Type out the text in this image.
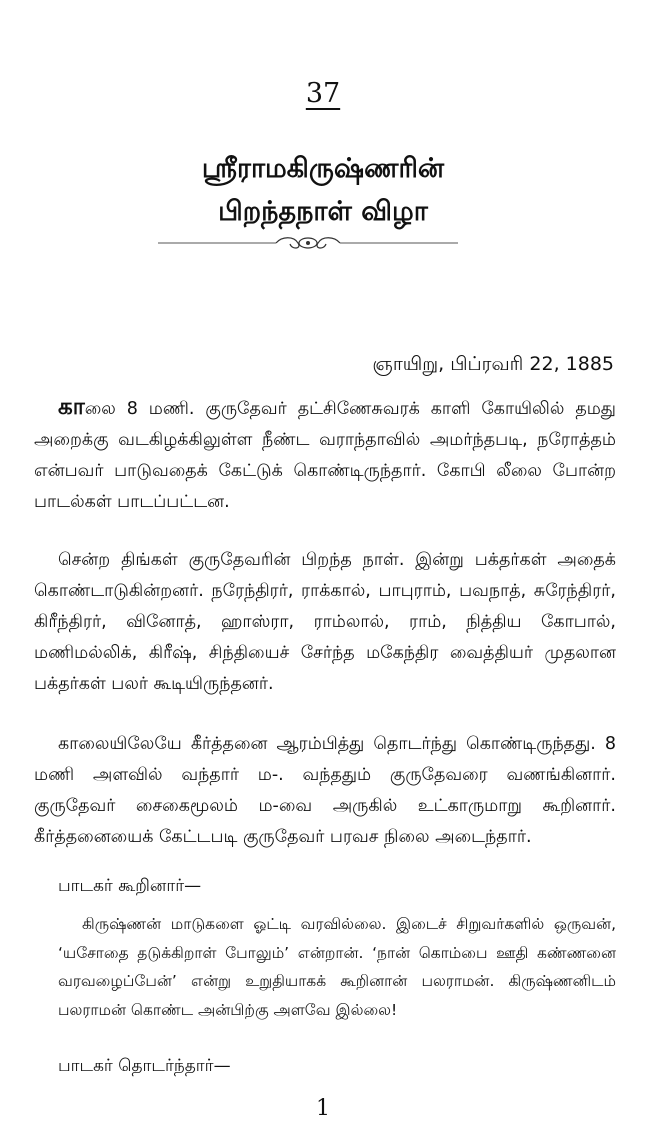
37
ஸ்ரீராமகிருஷ்ணரின்
பிறந்தநாள் விழா
ஞாயிறு, பிப்ரவரி 22, 1885

காலை 8 மணி. குருதேவர் தட்சிணேசுவரக் காளி கோயிலில் தமது அறைக்கு வடகிழக்கிலுள்ள நீண்ட வராந்தாவில் அமர்ந்தபடி, நரோத்தம் என்பவர் பாடுவதைக் கேட்டுக் கொண்டிருந்தார். கோபி லீலை போன்ற பாடல்கள் பாடப்பட்டன.

சென்ற திங்கள் குருதேவரின் பிறந்த நாள். இன்று பக்தர்கள் அதைக் கொண்டாடுகின்றனர். நரேந்திரர், ராக்கால், பாபுராம், பவநாத், சுரேந்திரர், கிரீந்திரர், வினோத், ஹாஸ்ரா, ராம்லால், ராம், நித்திய கோபால், மணிமல்லிக், கிரீஷ், சிந்தியைச் சேர்ந்த மகேந்திர வைத்தியர் முதலான பக்தர்கள் பலர் கூடியிருந்தனர்.

காலையிலேயே கீர்த்தனை ஆரம்பித்து தொடர்ந்து கொண்டிருந்தது. 8 மணி அளவில் வந்தார் ம-. வந்ததும் குருதேவரை வணங்கினார். குருதேவர் சைகைமூலம் ம-வை அருகில் உட்காருமாறு கூறினார். கீர்த்தனையைக் கேட்டபடி குருதேவர் பரவச நிலை அடைந்தார்.

பாடகர் கூறினார்—

கிருஷ்ணன் மாடுகளை ஓட்டி வரவில்லை. இடைச் சிறுவர்களில் ஒருவன், ‘யசோதை தடுக்கிறாள் போலும்’ என்றான். ‘நான் கொம்பை ஊதி கண்ணனை வரவழைப்பேன்’ என்று உறுதியாகக் கூறினான் பலராமன். கிருஷ்ணனிடம் பலராமன் கொண்ட அன்பிற்கு அளவே இல்லை!

பாடகர் தொடர்ந்தார்—
1
